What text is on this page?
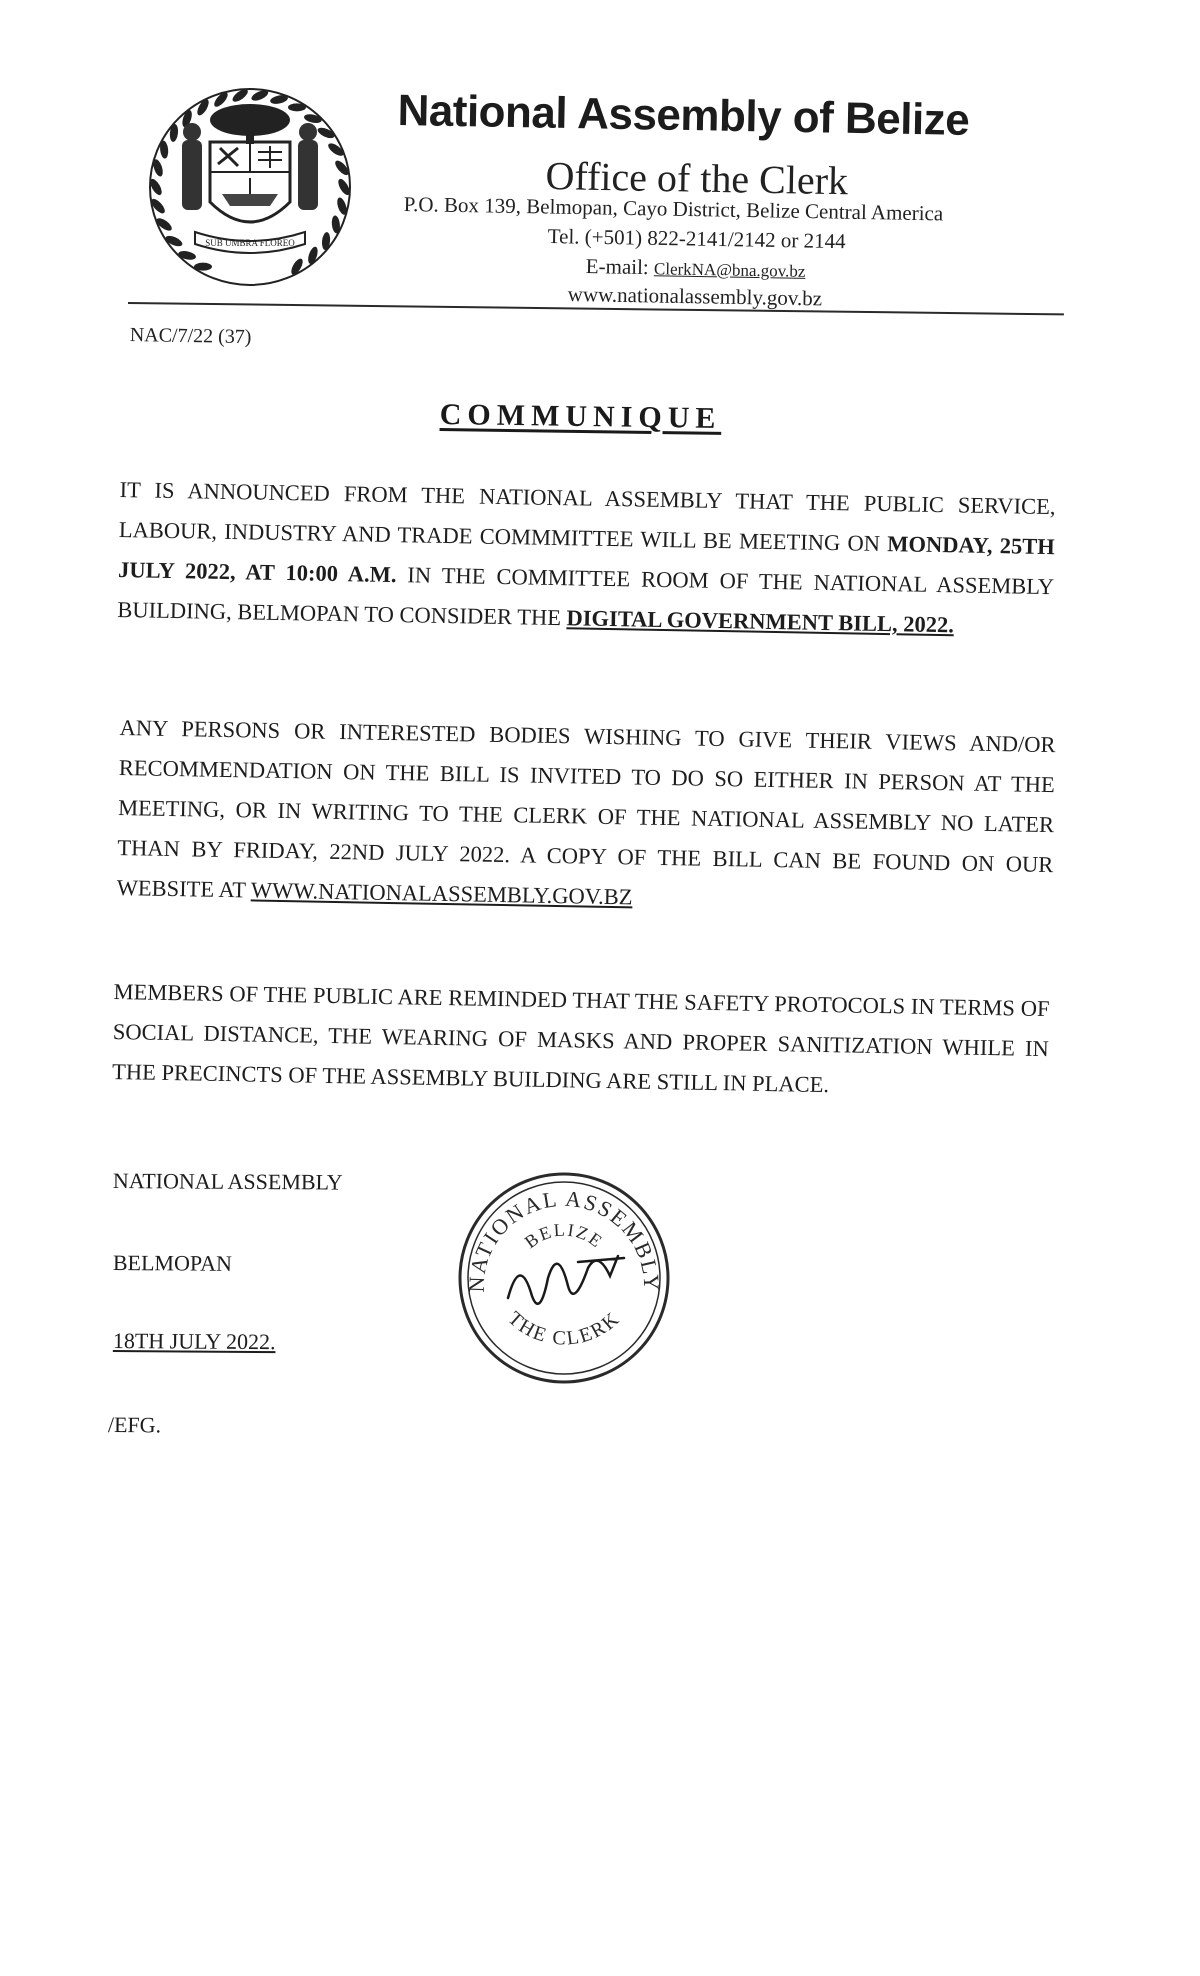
SUB UMBRA FLOREO
National Assembly of Belize
Office of the Clerk
P.O. Box 139, Belmopan, Cayo District, Belize Central America
Tel. (+501) 822-2141/2142 or 2144
E-mail: ClerkNA@bna.gov.bz
www.nationalassembly.gov.bz
NAC/7/22 (37)
COMMUNIQUE
IT IS ANNOUNCED FROM THE NATIONAL ASSEMBLY THAT THE PUBLIC SERVICE, LABOUR, INDUSTRY AND TRADE COMMMITTEE WILL BE MEETING ON MONDAY, 25TH JULY 2022, AT 10:00 A.M. IN THE COMMITTEE ROOM OF THE NATIONAL ASSEMBLY BUILDING, BELMOPAN TO CONSIDER THE DIGITAL GOVERNMENT BILL, 2022.
ANY PERSONS OR INTERESTED BODIES WISHING TO GIVE THEIR VIEWS AND/OR RECOMMENDATION ON THE BILL IS INVITED TO DO SO EITHER IN PERSON AT THE MEETING, OR IN WRITING TO THE CLERK OF THE NATIONAL ASSEMBLY NO LATER THAN BY FRIDAY, 22ND JULY 2022. A COPY OF THE BILL CAN BE FOUND ON OUR WEBSITE AT WWW.NATIONALASSEMBLY.GOV.BZ
MEMBERS OF THE PUBLIC ARE REMINDED THAT THE SAFETY PROTOCOLS IN TERMS OF SOCIAL DISTANCE, THE WEARING OF MASKS AND PROPER SANITIZATION WHILE IN THE PRECINCTS OF THE ASSEMBLY BUILDING ARE STILL IN PLACE.
NATIONAL ASSEMBLY
BELMOPAN
18TH JULY 2022.
/EFG.
NATIONAL ASSEMBLY
BELIZE
THE CLERK
